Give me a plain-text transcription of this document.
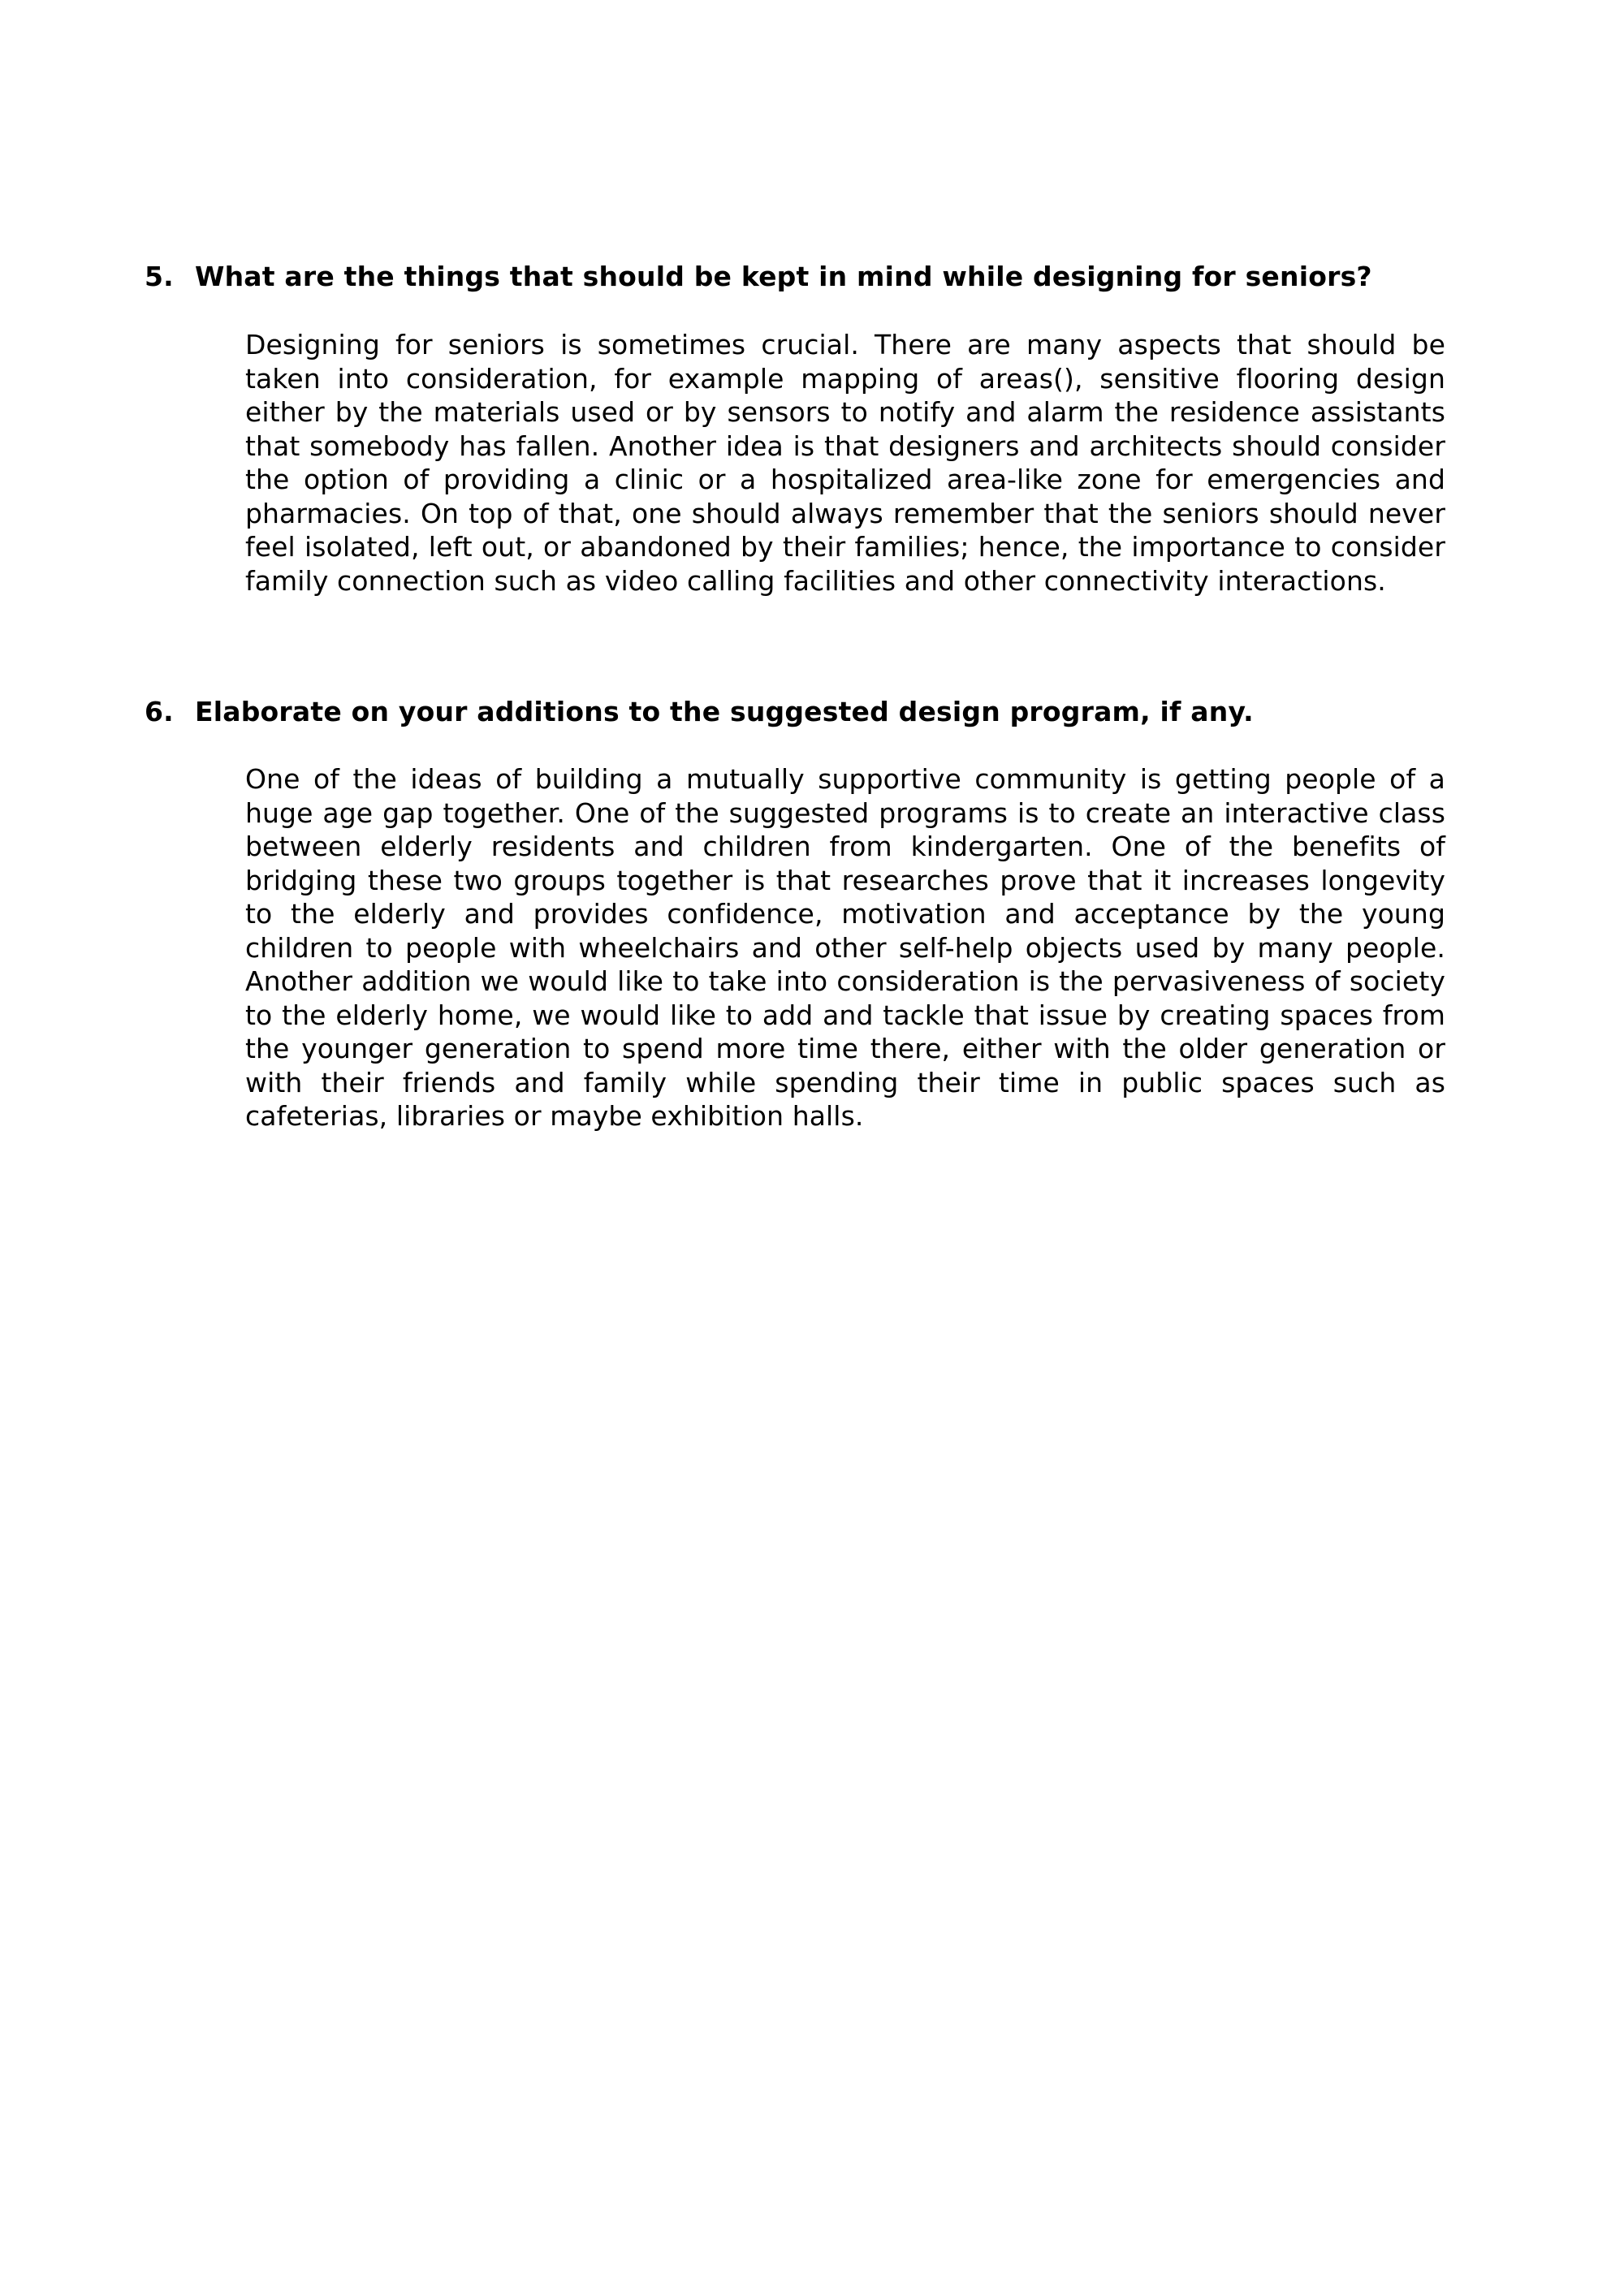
5. What are the things that should be kept in mind while designing for seniors?

Designing for seniors is sometimes crucial. There are many aspects that should be taken into consideration, for example mapping of areas(), sensitive flooring design either by the materials used or by sensors to notify and alarm the residence assistants that somebody has fallen. Another idea is that designers and architects should consider the option of providing a clinic or a hospitalized area-like zone for emergencies and pharmacies. On top of that, one should always remember that the seniors should never feel isolated, left out, or abandoned by their families; hence, the importance to consider family connection such as video calling facilities and other connectivity interactions.

6. Elaborate on your additions to the suggested design program, if any.

One of the ideas of building a mutually supportive community is getting people of a huge age gap together. One of the suggested programs is to create an interactive class between elderly residents and children from kindergarten. One of the benefits of bridging these two groups together is that researches prove that it increases longevity to the elderly and provides confidence, motivation and acceptance by the young children to people with wheelchairs and other self-help objects used by many people. Another addition we would like to take into consideration is the pervasiveness of society to the elderly home, we would like to add and tackle that issue by creating spaces from the younger generation to spend more time there, either with the older generation or with their friends and family while spending their time in public spaces such as cafeterias, libraries or maybe exhibition halls.
